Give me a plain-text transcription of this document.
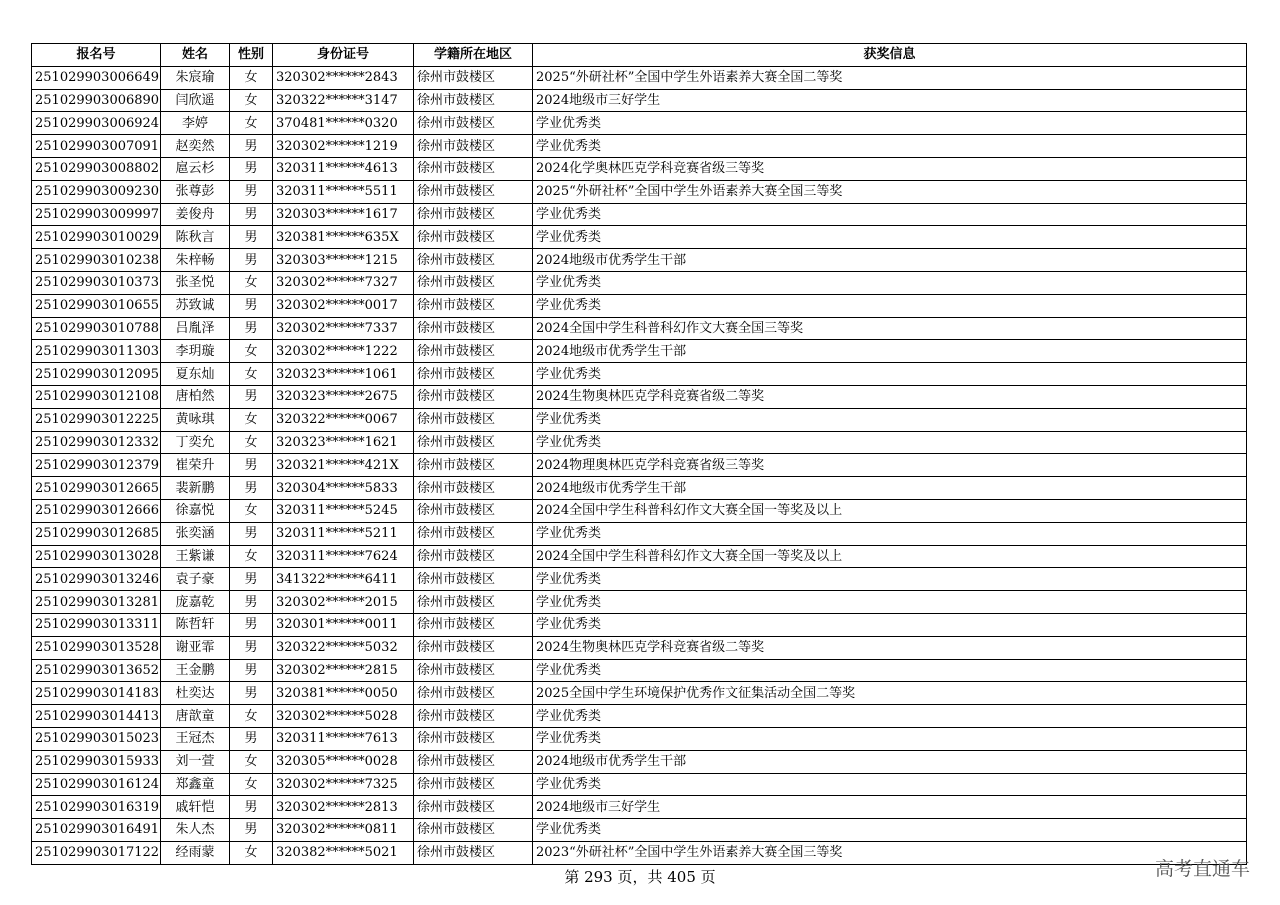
报名号	姓名	性别	身份证号	学籍所在地区	获奖信息
251029903006649	朱宸瑜	女	320302******2843	徐州市鼓楼区	2025“外研社杯”全国中学生外语素养大赛全国二等奖
251029903006890	闫欣遥	女	320322******3147	徐州市鼓楼区	2024地级市三好学生
251029903006924	李婷	女	370481******0320	徐州市鼓楼区	学业优秀类
251029903007091	赵奕然	男	320302******1219	徐州市鼓楼区	学业优秀类
251029903008802	扈云杉	男	320311******4613	徐州市鼓楼区	2024化学奥林匹克学科竞赛省级三等奖
251029903009230	张尊彭	男	320311******5511	徐州市鼓楼区	2025“外研社杯”全国中学生外语素养大赛全国三等奖
251029903009997	姜俊舟	男	320303******1617	徐州市鼓楼区	学业优秀类
251029903010029	陈秋言	男	320381******635X	徐州市鼓楼区	学业优秀类
251029903010238	朱梓畅	男	320303******1215	徐州市鼓楼区	2024地级市优秀学生干部
251029903010373	张圣悦	女	320302******7327	徐州市鼓楼区	学业优秀类
251029903010655	苏致诚	男	320302******0017	徐州市鼓楼区	学业优秀类
251029903010788	吕胤泽	男	320302******7337	徐州市鼓楼区	2024全国中学生科普科幻作文大赛全国三等奖
251029903011303	李玥璇	女	320302******1222	徐州市鼓楼区	2024地级市优秀学生干部
251029903012095	夏东灿	女	320323******1061	徐州市鼓楼区	学业优秀类
251029903012108	唐柏然	男	320323******2675	徐州市鼓楼区	2024生物奥林匹克学科竞赛省级二等奖
251029903012225	黄咏琪	女	320322******0067	徐州市鼓楼区	学业优秀类
251029903012332	丁奕允	女	320323******1621	徐州市鼓楼区	学业优秀类
251029903012379	崔荣升	男	320321******421X	徐州市鼓楼区	2024物理奥林匹克学科竞赛省级三等奖
251029903012665	裴新鹏	男	320304******5833	徐州市鼓楼区	2024地级市优秀学生干部
251029903012666	徐嘉悦	女	320311******5245	徐州市鼓楼区	2024全国中学生科普科幻作文大赛全国一等奖及以上
251029903012685	张奕涵	男	320311******5211	徐州市鼓楼区	学业优秀类
251029903013028	王紫谦	女	320311******7624	徐州市鼓楼区	2024全国中学生科普科幻作文大赛全国一等奖及以上
251029903013246	袁子豪	男	341322******6411	徐州市鼓楼区	学业优秀类
251029903013281	庞嘉乾	男	320302******2015	徐州市鼓楼区	学业优秀类
251029903013311	陈哲轩	男	320301******0011	徐州市鼓楼区	学业优秀类
251029903013528	谢亚霏	男	320322******5032	徐州市鼓楼区	2024生物奥林匹克学科竞赛省级二等奖
251029903013652	王金鹏	男	320302******2815	徐州市鼓楼区	学业优秀类
251029903014183	杜奕达	男	320381******0050	徐州市鼓楼区	2025全国中学生环境保护优秀作文征集活动全国二等奖
251029903014413	唐歆童	女	320302******5028	徐州市鼓楼区	学业优秀类
251029903015023	王冠杰	男	320311******7613	徐州市鼓楼区	学业优秀类
251029903015933	刘一萱	女	320305******0028	徐州市鼓楼区	2024地级市优秀学生干部
251029903016124	郑鑫童	女	320302******7325	徐州市鼓楼区	学业优秀类
251029903016319	戚轩恺	男	320302******2813	徐州市鼓楼区	2024地级市三好学生
251029903016491	朱人杰	男	320302******0811	徐州市鼓楼区	学业优秀类
251029903017122	经雨蒙	女	320382******5021	徐州市鼓楼区	2023“外研社杯”全国中学生外语素养大赛全国三等奖
第 293 页，共 405 页	高考直通车
